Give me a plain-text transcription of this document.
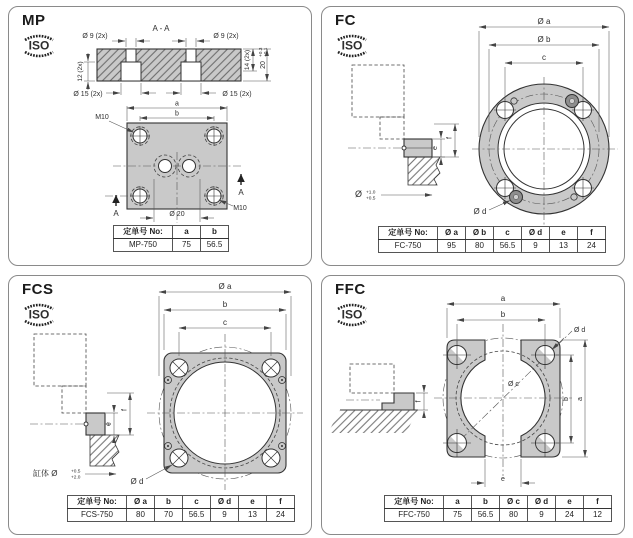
MP
ISO
A - A
Ø 9 (2x)	Ø 9 (2x)
Ø 15 (2x)	Ø 15 (2x)
12 (2x)
14 (2x) 20
+0.3 +0.1
a
b
M10
M10
Ø 20
A
A
定单号 No:	a	b
MP-750	75	56.5
FC
ISO
e
f
Ø +1.0
+0.5
Ø a
Ø b
c
Ø d
定单号 No:	Ø a	Ø b	c	Ø d	e	f
FC-750	95	80	56.5	9	13	24
FCS
ISO
e
f
缸体 Ø	+0.5
+2.0
Ø a
b
c
Ø d
定单号 No:	Ø a	b	c	Ø d	e	f
FCS-750	80	70	56.5	9	13	24
FFC
ISO
f
a
b
Ø d
Ø c
b a
e
定单号 No:	a	b	Ø c	Ø d	e	f
FFC-750	75	56.5	80	9	24	12
